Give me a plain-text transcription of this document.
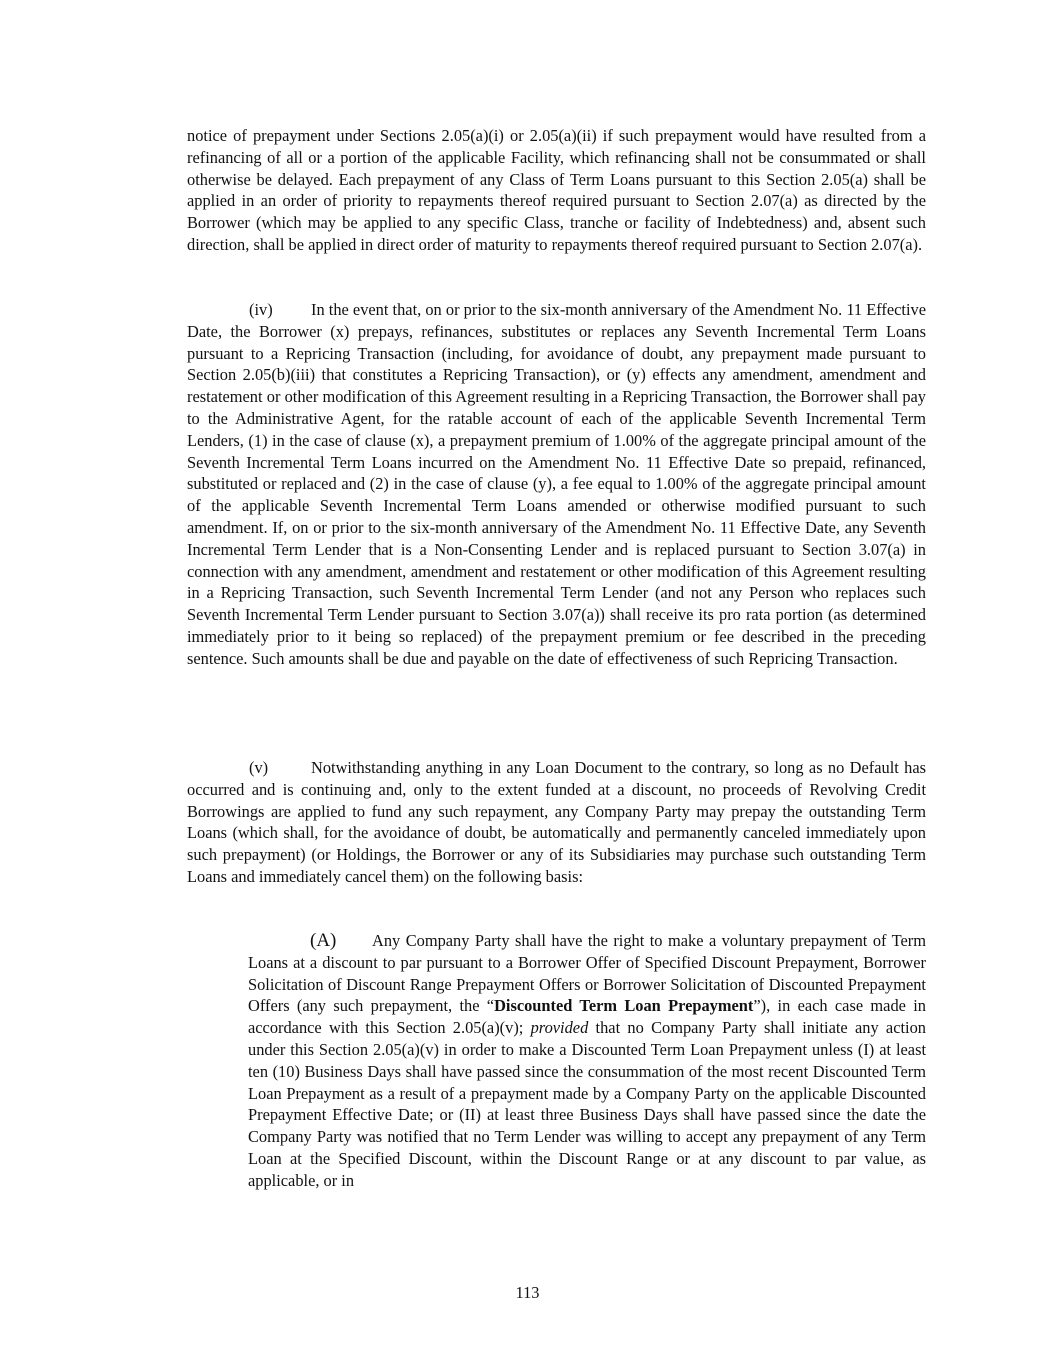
notice of prepayment under Sections 2.05(a)(i) or 2.05(a)(ii) if such prepayment would have resulted from a refinancing of all or a portion of the applicable Facility, which refinancing shall not be consummated or shall otherwise be delayed. Each prepayment of any Class of Term Loans pursuant to this Section 2.05(a) shall be applied in an order of priority to repayments thereof required pursuant to Section 2.07(a) as directed by the Borrower (which may be applied to any specific Class, tranche or facility of Indebtedness) and, absent such direction, shall be applied in direct order of maturity to repayments thereof required pursuant to Section 2.07(a).

(iv) In the event that, on or prior to the six-month anniversary of the Amendment No. 11 Effective Date, the Borrower (x) prepays, refinances, substitutes or replaces any Seventh Incremental Term Loans pursuant to a Repricing Transaction (including, for avoidance of doubt, any prepayment made pursuant to Section 2.05(b)(iii) that constitutes a Repricing Transaction), or (y) effects any amendment, amendment and restatement or other modification of this Agreement resulting in a Repricing Transaction, the Borrower shall pay to the Administrative Agent, for the ratable account of each of the applicable Seventh Incremental Term Lenders, (1) in the case of clause (x), a prepayment premium of 1.00% of the aggregate principal amount of the Seventh Incremental Term Loans incurred on the Amendment No. 11 Effective Date so prepaid, refinanced, substituted or replaced and (2) in the case of clause (y), a fee equal to 1.00% of the aggregate principal amount of the applicable Seventh Incremental Term Loans amended or otherwise modified pursuant to such amendment. If, on or prior to the six-month anniversary of the Amendment No. 11 Effective Date, any Seventh Incremental Term Lender that is a Non-Consenting Lender and is replaced pursuant to Section 3.07(a) in connection with any amendment, amendment and restatement or other modification of this Agreement resulting in a Repricing Transaction, such Seventh Incremental Term Lender (and not any Person who replaces such Seventh Incremental Term Lender pursuant to Section 3.07(a)) shall receive its pro rata portion (as determined immediately prior to it being so replaced) of the prepayment premium or fee described in the preceding sentence. Such amounts shall be due and payable on the date of effectiveness of such Repricing Transaction.

(v)	Notwithstanding anything in any Loan Document to the contrary, so long as no Default has occurred and is continuing and, only to the extent funded at a discount, no proceeds of Revolving Credit Borrowings are applied to fund any such repayment, any Company Party may prepay the outstanding Term Loans (which shall, for the avoidance of doubt, be automatically and permanently canceled immediately upon such prepayment) (or Holdings, the Borrower or any of its Subsidiaries may purchase such outstanding Term Loans and immediately cancel them) on the following basis:

(A) Any Company Party shall have the right to make a voluntary prepayment of Term Loans at a discount to par pursuant to a Borrower Offer of Specified Discount Prepayment, Borrower Solicitation of Discount Range Prepayment Offers or Borrower Solicitation of Discounted Prepayment Offers (any such prepayment, the “Discounted Term Loan Prepayment”), in each case made in accordance with this Section 2.05(a)(v); provided that no Company Party shall initiate any action under this Section 2.05(a)(v) in order to make a Discounted Term Loan Prepayment unless (I) at least ten (10) Business Days shall have passed since the consummation of the most recent Discounted Term Loan Prepayment as a result of a prepayment made by a Company Party on the applicable Discounted Prepayment Effective Date; or (II) at least three Business Days shall have passed since the date the Company Party was notified that no Term Lender was willing to accept any prepayment of any Term Loan at the Specified Discount, within the Discount Range or at any discount to par value, as applicable, or in

113
